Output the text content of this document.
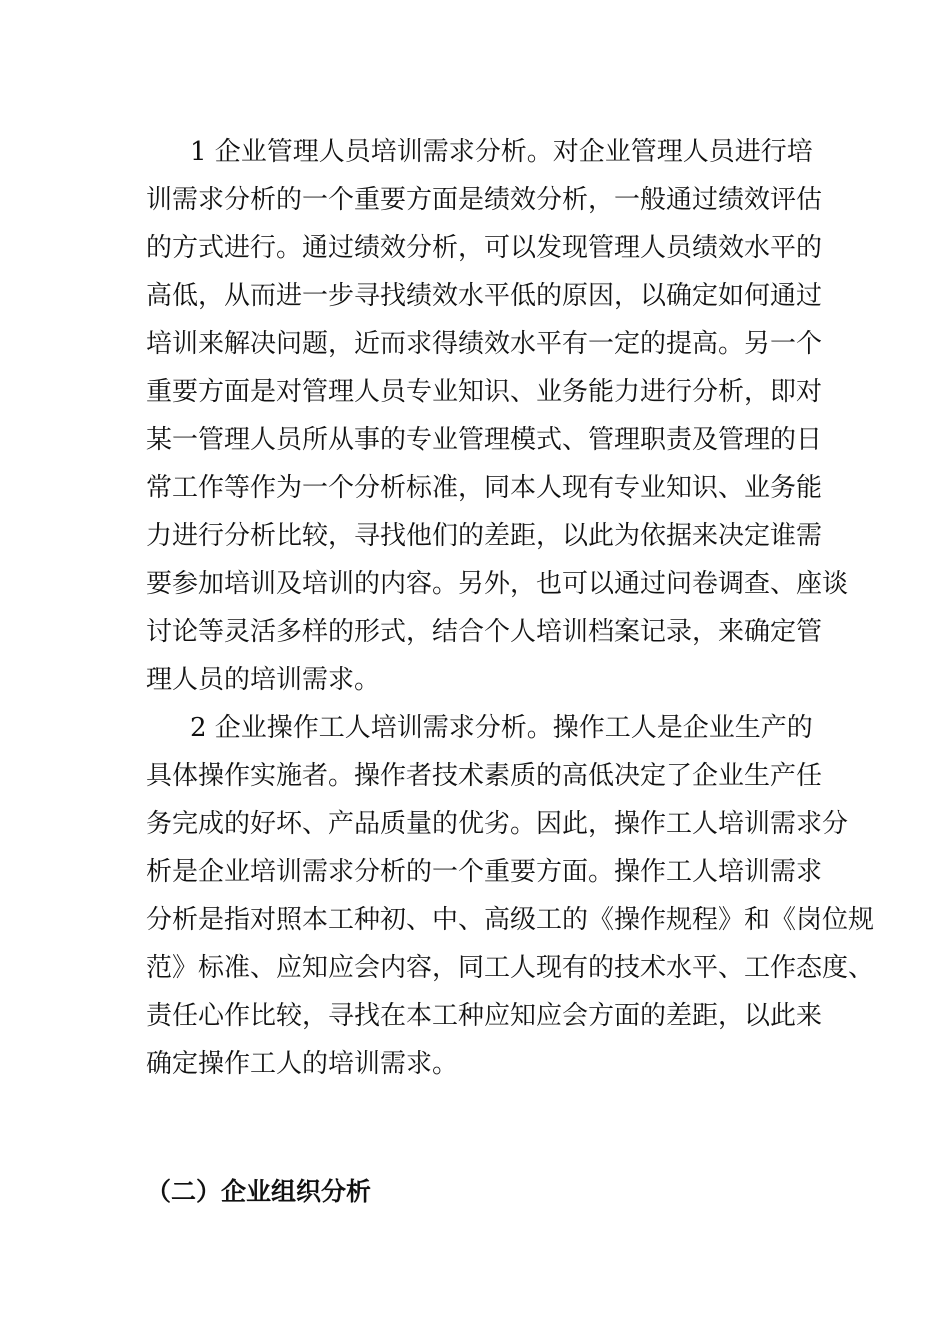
1 企业管理人员培训需求分析。对企业管理人员进行培
训需求分析的一个重要方面是绩效分析，一般通过绩效评估
的方式进行。通过绩效分析，可以发现管理人员绩效水平的
高低，从而进一步寻找绩效水平低的原因，以确定如何通过
培训来解决问题，近而求得绩效水平有一定的提高。另一个
重要方面是对管理人员专业知识、业务能力进行分析，即对
某一管理人员所从事的专业管理模式、管理职责及管理的日
常工作等作为一个分析标准，同本人现有专业知识、业务能
力进行分析比较，寻找他们的差距，以此为依据来决定谁需
要参加培训及培训的内容。另外，也可以通过问卷调查、座谈
讨论等灵活多样的形式，结合个人培训档案记录，来确定管
理人员的培训需求。
2 企业操作工人培训需求分析。操作工人是企业生产的
具体操作实施者。操作者技术素质的高低决定了企业生产任
务完成的好坏、产品质量的优劣。因此，操作工人培训需求分
析是企业培训需求分析的一个重要方面。操作工人培训需求
分析是指对照本工种初、中、高级工的《操作规程》和《岗位规
范》标准、应知应会内容，同工人现有的技术水平、工作态度、
责任心作比较，寻找在本工种应知应会方面的差距，以此来
确定操作工人的培训需求。
（二）企业组织分析
